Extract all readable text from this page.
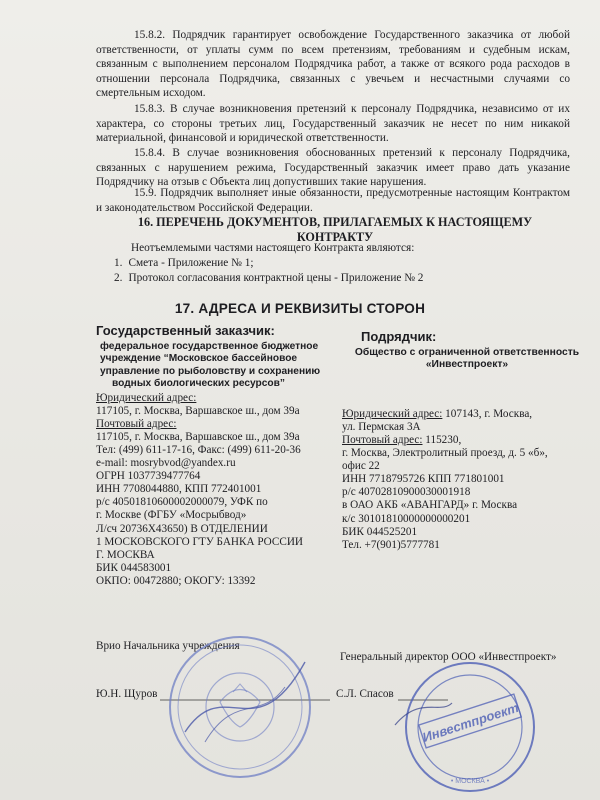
15.8.2. Подрядчик гарантирует освобождение Государственного заказчика от любой ответственности, от уплаты сумм по всем претензиям, требованиям и судебным искам, связанным с выполнением персоналом Подрядчика работ, а также от всякого рода расходов в отношении персонала Подрядчика, связанных с увечьем и несчастными случаями со смертельным исходом.

15.8.3. В случае возникновения претензий к персоналу Подрядчика, независимо от их характера, со стороны третьих лиц, Государственный заказчик не несет по ним никакой материальной, финансовой и юридической ответственности.

15.8.4. В случае возникновения обоснованных претензий к персоналу Подрядчика, связанных с нарушением режима, Государственный заказчик имеет право дать указание Подрядчику на отзыв с Объекта лиц допустивших такие нарушения.

15.9. Подрядчик выполняет иные обязанности, предусмотренные настоящим Контрактом и законодательством Российской Федерации.

16. ПЕРЕЧЕНЬ ДОКУМЕНТОВ, ПРИЛАГАЕМЫХ К НАСТОЯЩЕМУ КОНТРАКТУ

Неотъемлемыми частями настоящего Контракта являются:

1. Смета - Приложение № 1;
2. Протокол согласования контрактной цены - Приложение № 2

17. АДРЕСА И РЕКВИЗИТЫ СТОРОН

Государственный заказчик:

федеральное государственное бюджетное
учреждение “Московское бассейновое
управление по рыболовству и сохранению
водных биологических ресурсов”

Юридический адрес:
117105, г. Москва, Варшавское ш., дом 39а
Почтовый адрес:
117105, г. Москва, Варшавское ш., дом 39а
Тел: (499) 611-17-16, Факс: (499) 611-20-36
e-mail: mosrybvod@yandex.ru
ОГРН 1037739477764
ИНН 7708044880, КПП 772401001
р/с 40501810600002000079, УФК по
г. Москве (ФГБУ «Мосрыбвод»
Л/сч 20736Х43650) В ОТДЕЛЕНИИ
1 МОСКОВСКОГО ГТУ БАНКА РОССИИ
Г. МОСКВА
БИК 044583001
ОКПО: 00472880; ОКОГУ: 13392

Подрядчик:

Общество с ограниченной ответственность
«Инвестпроект»

Юридический адрес: 107143, г. Москва,
ул. Пермская 3А
Почтовый адрес: 115230,
г. Москва, Электролитный проезд, д. 5 «б»,
офис 22
ИНН 7718795726 КПП 771801001
р/с 40702810900030001918
в ОАО АКБ «АВАНГАРД» г. Москва
к/с 30101810000000000201
БИК 044525201
Тел. +7(901)5777781

Врио Начальника учреждения

Генеральный директор ООО «Инвестпроект»

Ю.Н. Щуров	С.Л. Спасов

Инвестпроект
• МОСКВА •
